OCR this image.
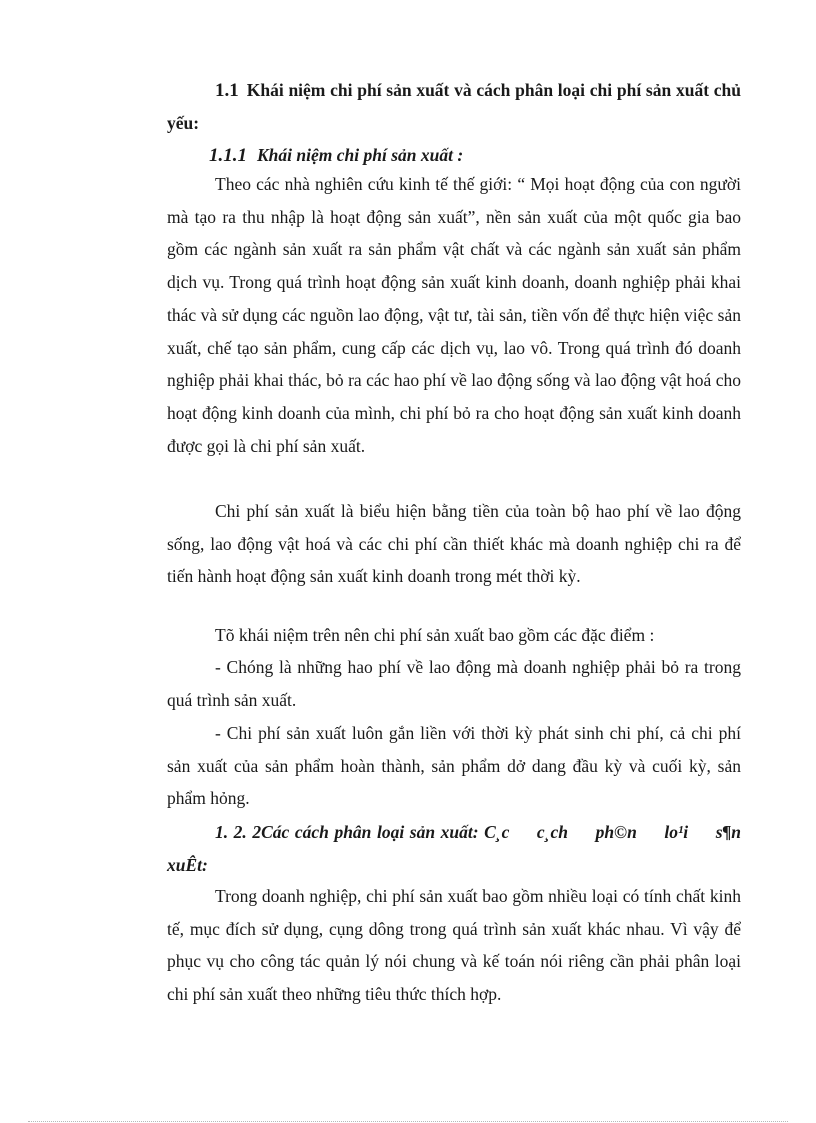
1.1 Khái niệm chi phí sản xuất và cách phân loại chi phí sản xuất chủ yếu:
1.1.1 Khái niệm chi phí sản xuất :

Theo các nhà nghiên cứu kinh tế thế giới: “ Mọi hoạt động của con người mà tạo ra thu nhập là hoạt động sản xuất”, nền sản xuất của một quốc gia bao gồm các ngành sản xuất ra sản phẩm vật chất và các ngành sản xuất sản phẩm dịch vụ. Trong quá trình hoạt động sản xuất kinh doanh, doanh nghiệp phải khai thác và sử dụng các nguồn lao động, vật tư, tài sản, tiền vốn để thực hiện việc sản xuất, chế tạo sản phẩm, cung cấp các dịch vụ, lao vô. Trong quá trình đó doanh nghiệp phải khai thác, bỏ ra các hao phí về lao động sống và lao động vật hoá cho hoạt động kinh doanh của mình, chi phí bỏ ra cho hoạt động sản xuất kinh doanh được gọi là chi phí sản xuất.

Chi phí sản xuất là biểu hiện bằng tiền của toàn bộ hao phí về lao động sống, lao động vật hoá và các chi phí cần thiết khác mà doanh nghiệp chi ra để tiến hành hoạt động sản xuất kinh doanh trong mét thời kỳ.

Tõ khái niệm trên nên chi phí sản xuất bao gồm các đặc điểm :

- Chóng là những hao phí về lao động mà doanh nghiệp phải bỏ ra trong quá trình sản xuất.

- Chi phí sản xuất luôn gắn liền với thời kỳ phát sinh chi phí, cả chi phí sản xuất của sản phẩm hoàn thành, sản phẩm dở dang đầu kỳ và cuối kỳ, sản phẩm hỏng.

1. 2. 2Các cách phân loại sản xuất: C¸c c¸ch ph©n lo¹i s¶n xuÊt:

Trong doanh nghiệp, chi phí sản xuất bao gồm nhiều loại có tính chất kinh tế, mục đích sử dụng, cụng dông trong quá trình sản xuất khác nhau. Vì vậy để phục vụ cho công tác quản lý nói chung và kế toán nói riêng cần phải phân loại chi phí sản xuất theo những tiêu thức thích hợp.
